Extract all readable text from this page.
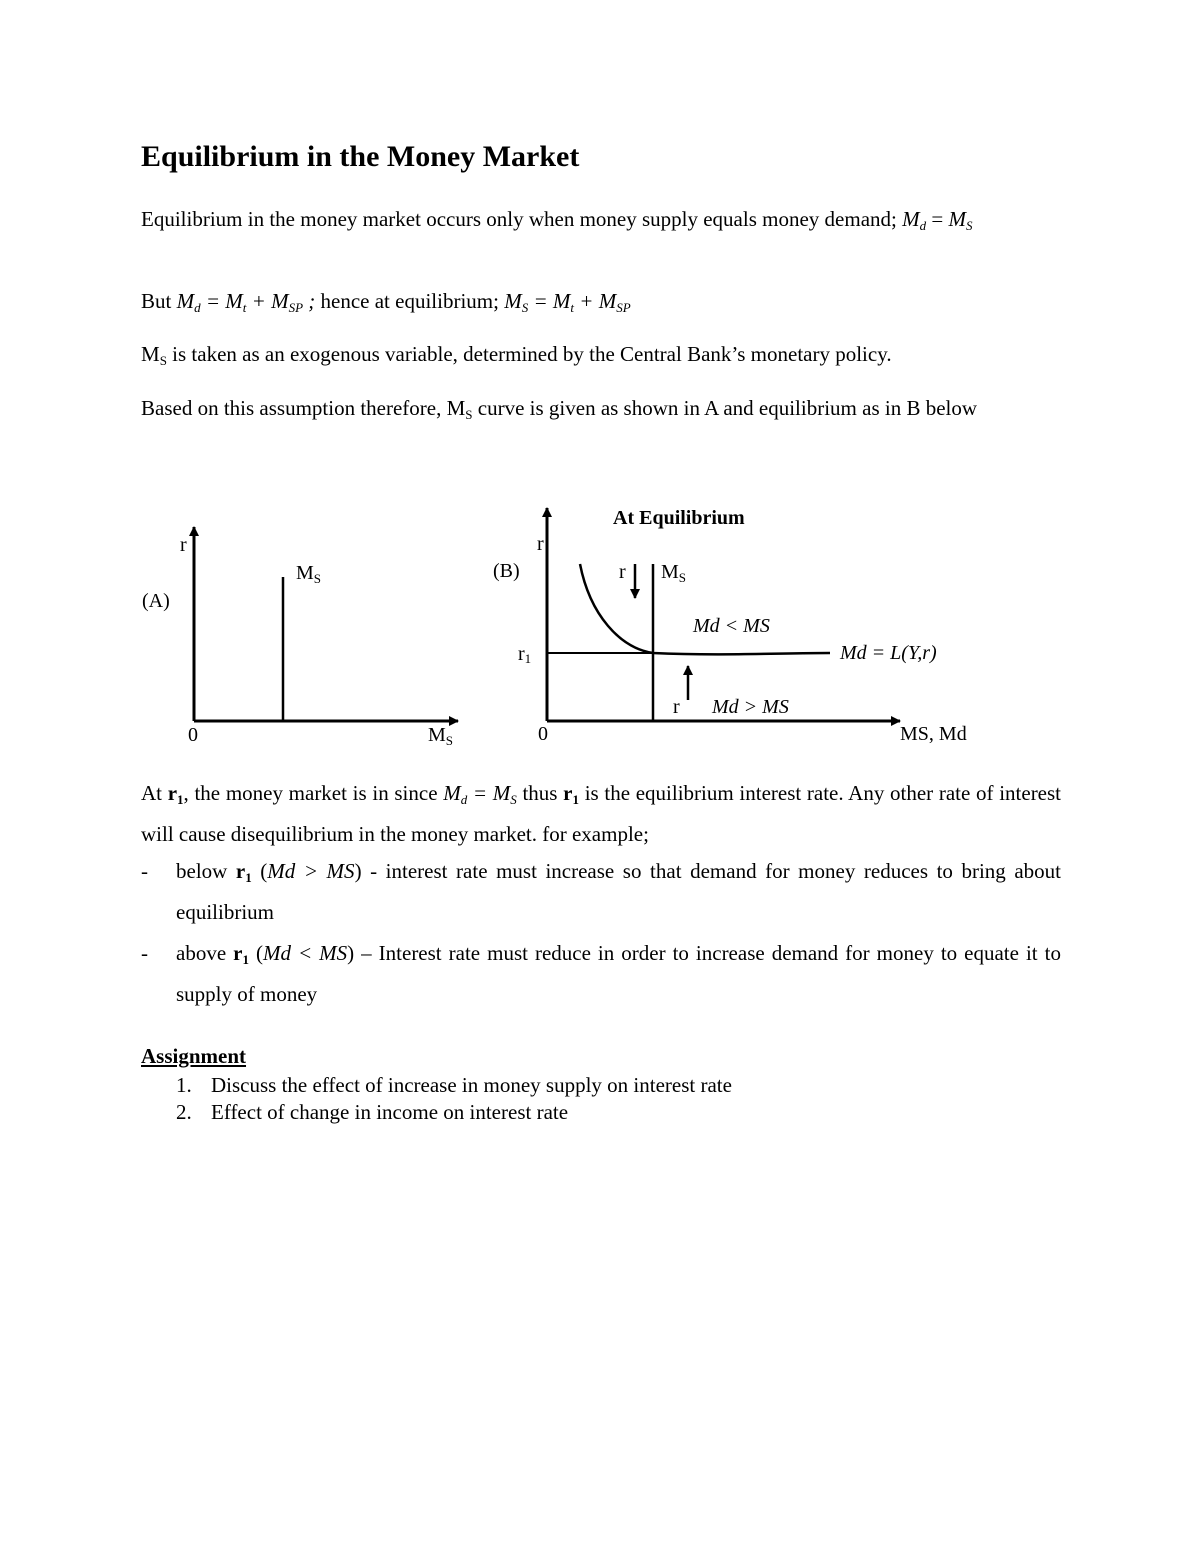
Equilibrium in the Money Market

Equilibrium in the money market occurs only when money supply equals money demand; $M_d = M_S$

But $M_d = M_t + M_{SP}$ ; hence at equilibrium; $M_S = M_t + M_{SP}$

$M_S$ is taken as an exogenous variable, determined by the Central Bank’s monetary policy.

Based on this assumption therefore, $M_S$ curve is given as shown in A and equilibrium as in B below

r
(A)
$M_S$
0	$M_S$
At Equilibrium
r
(B)
r1
r $M_S$
Md < MS
Md = L(Y,r)
r Md > MS
0	MS, Md

At $r_1$, the money market is in since $M_d = M_S$ thus $r_1$ is the equilibrium interest rate. Any other rate of interest will cause disequilibrium in the money market. for example;

- below $r_1$ (Md > MS) - interest rate must increase so that demand for money reduces to bring about equilibrium
- above $r_1$ (Md < MS) – Interest rate must reduce in order to increase demand for money to equate it to supply of money

Assignment

1. Discuss the effect of increase in money supply on interest rate
2. Effect of change in income on interest rate
